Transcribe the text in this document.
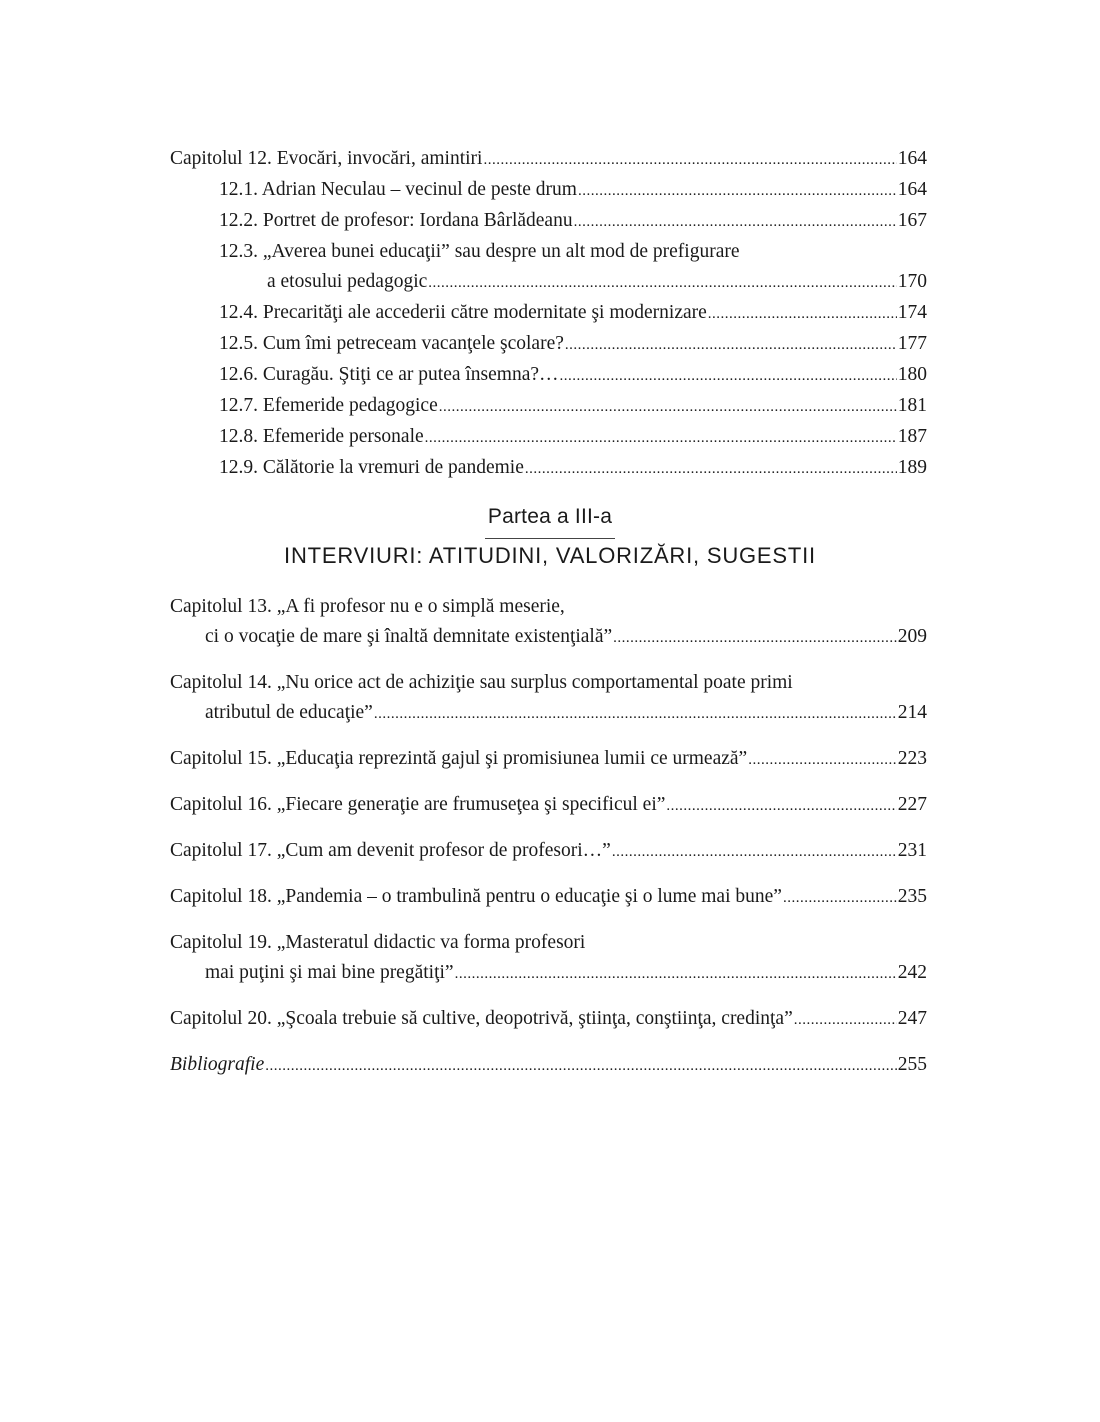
Capitolul 12. Evocări, invocări, amintiri .....	164
12.1. Adrian Neculau – vecinul de peste drum .....	164
12.2. Portret de profesor: Iordana Bârlădeanu .....	167
12.3. „Averea bunei educaţii” sau despre un alt mod de prefigurare
a etosului pedagogic .....	170
12.4. Precarităţi ale accederii către modernitate şi modernizare .....	174
12.5. Cum îmi petreceam vacanţele şcolare? .....	177
12.6. Curagău. Ştiţi ce ar putea însemna?… .....	180
12.7. Efemeride pedagogice .....	181
12.8. Efemeride personale .....	187
12.9. Călătorie la vremuri de pandemie .....	189
Partea a III-a
INTERVIURI: ATITUDINI, VALORIZĂRI, SUGESTII
Capitolul 13. „A fi profesor nu e o simplă meserie,
ci o vocaţie de mare şi înaltă demnitate existenţială” .....	209
Capitolul 14. „Nu orice act de achiziţie sau surplus comportamental poate primi
atributul de educaţie” .....	214
Capitolul 15. „Educaţia reprezintă gajul şi promisiunea lumii ce urmează” .....	223
Capitolul 16. „Fiecare generaţie are frumuseţea şi specificul ei” .....	227
Capitolul 17. „Cum am devenit profesor de profesori…” .....	231
Capitolul 18. „Pandemia – o trambulină pentru o educaţie şi o lume mai bune” .....	235
Capitolul 19. „Masteratul didactic va forma profesori
mai puţini şi mai bine pregătiţi” .....	242
Capitolul 20. „Şcoala trebuie să cultive, deopotrivă, ştiinţa, conştiinţa, credinţa” .....	247
Bibliografie .....	255
